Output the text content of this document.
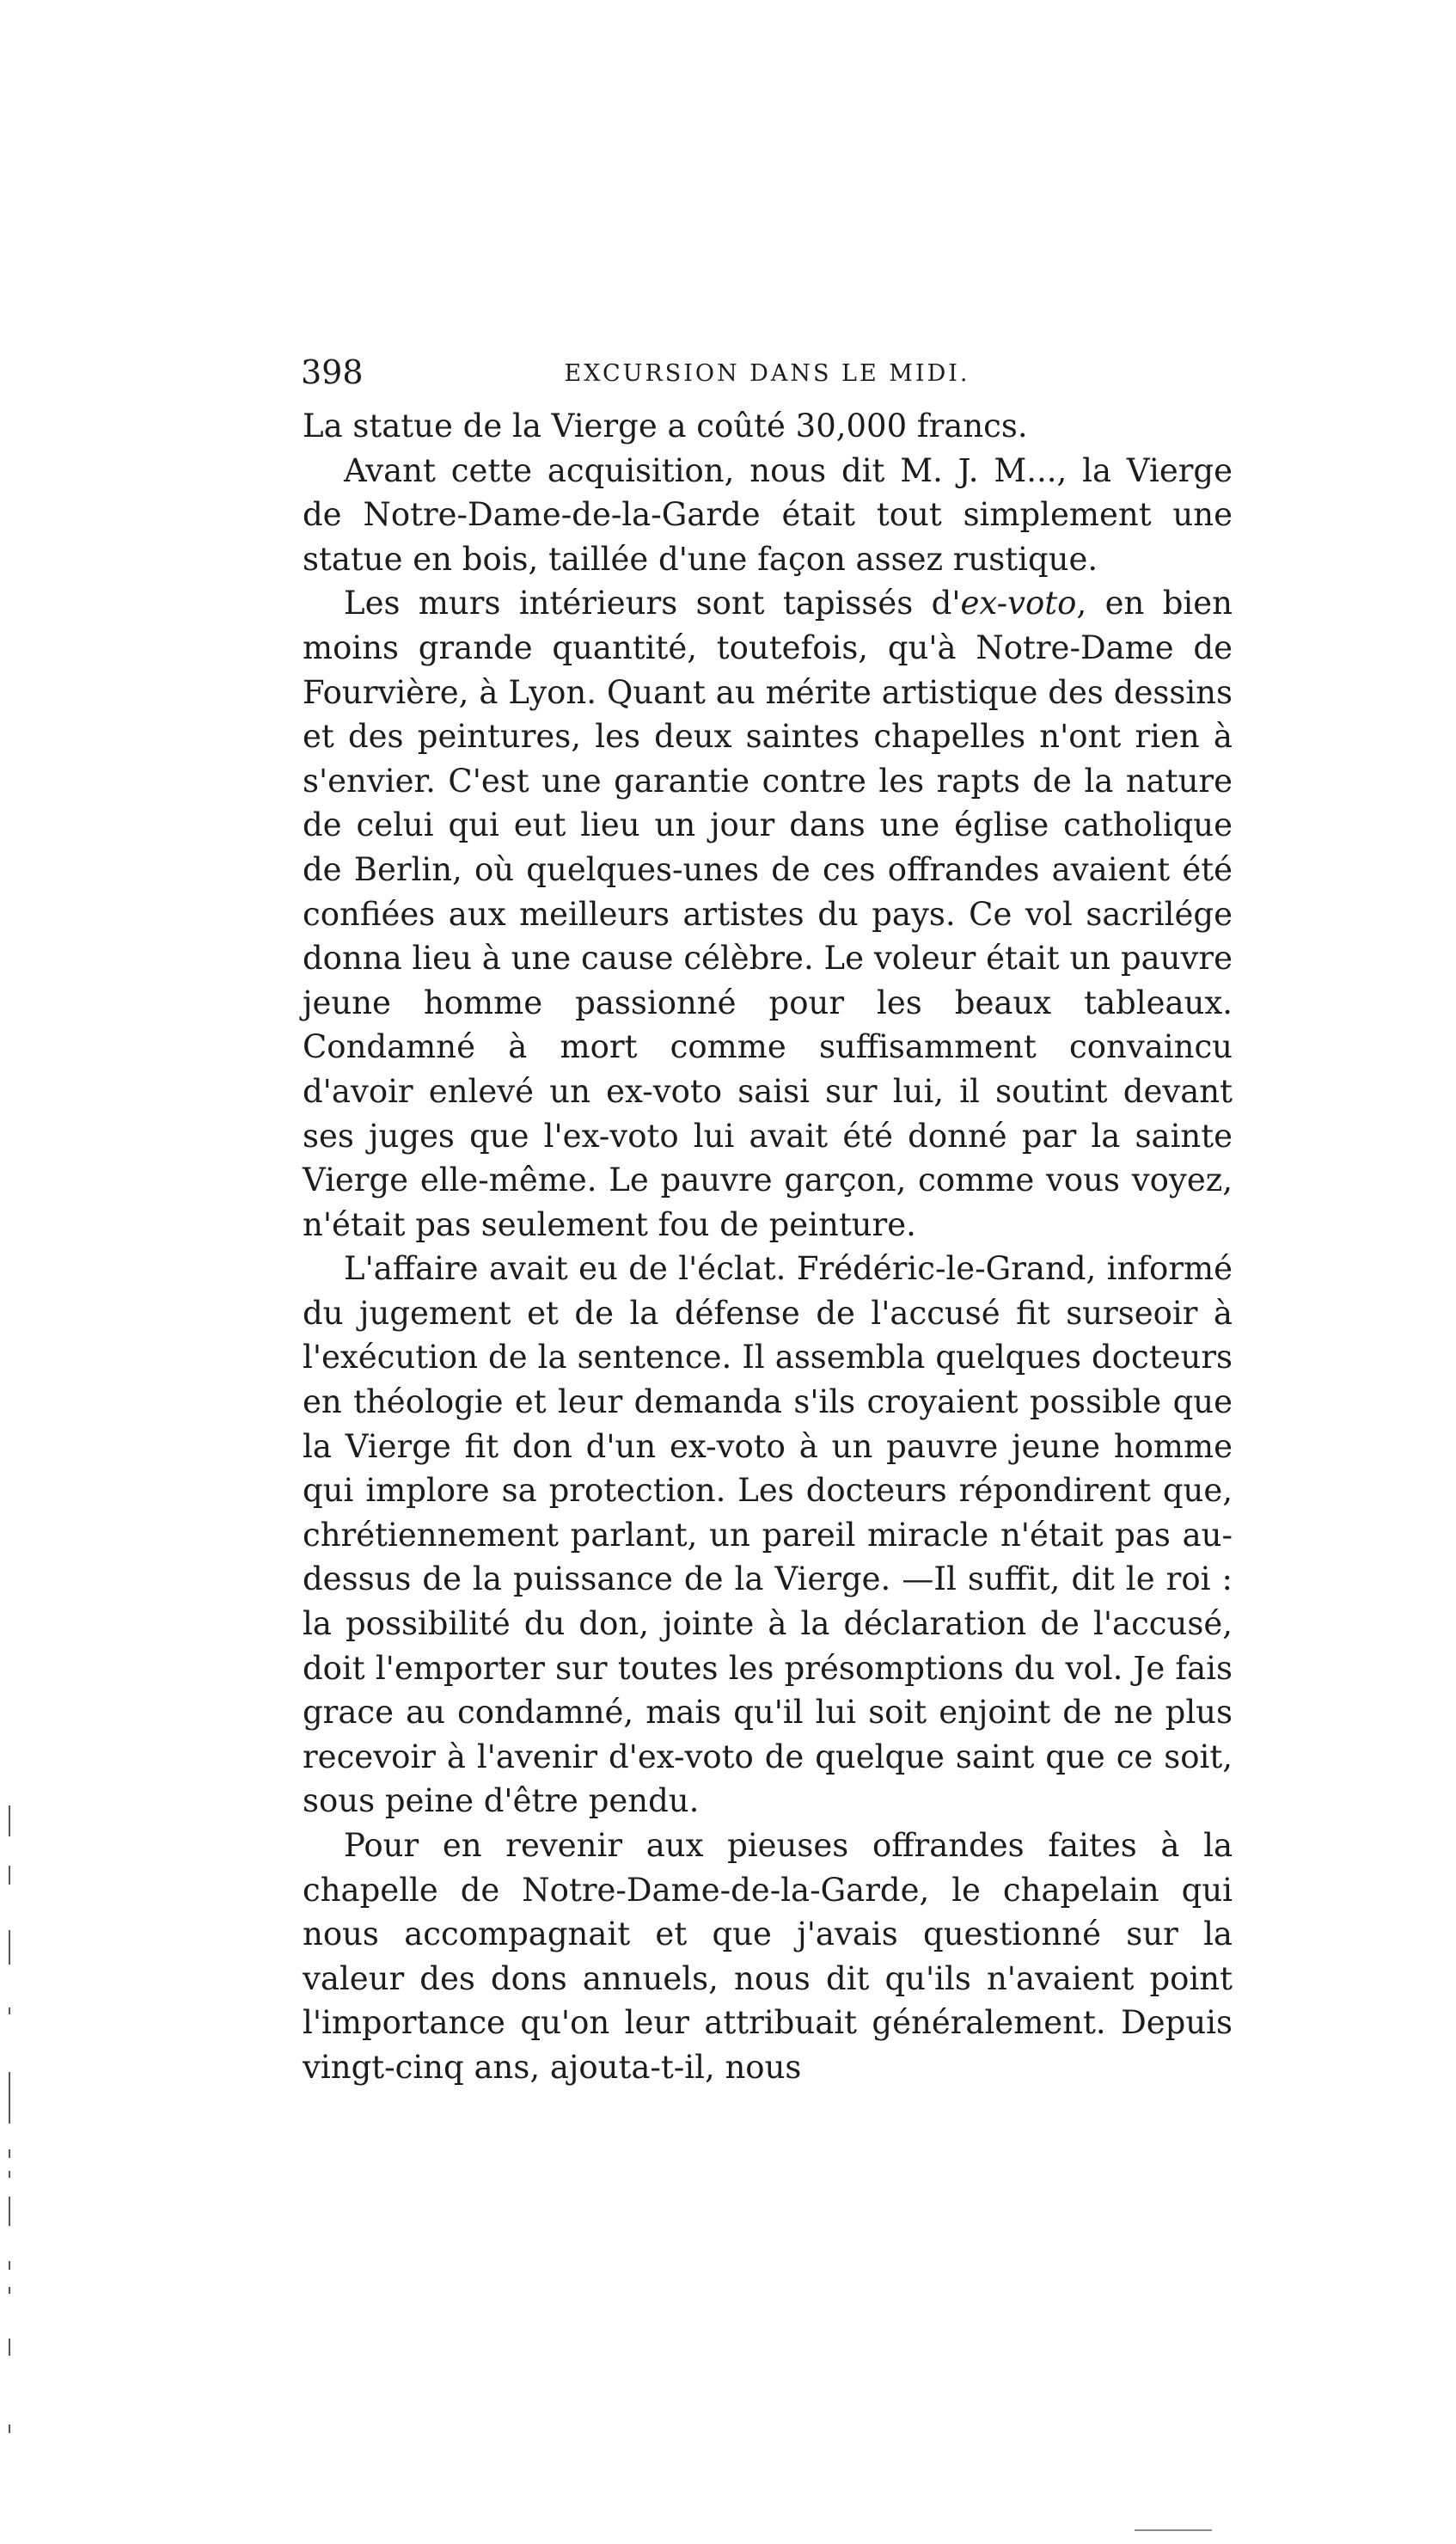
398	EXCURSION DANS LE MIDI.

La statue de la Vierge a coûté 30,000 francs.

Avant cette acquisition, nous dit M. J. M..., la Vierge de Notre-Dame-de-la-Garde était tout simplement une statue en bois, taillée d'une façon assez rustique.

Les murs intérieurs sont tapissés d'ex-voto, en bien moins grande quantité, toutefois, qu'à Notre-Dame de Fourvière, à Lyon. Quant au mérite artistique des dessins et des peintures, les deux saintes chapelles n'ont rien à s'envier. C'est une garantie contre les rapts de la nature de celui qui eut lieu un jour dans une église catholique de Berlin, où quelques-unes de ces offrandes avaient été confiées aux meilleurs artistes du pays. Ce vol sacrilége donna lieu à une cause célèbre. Le voleur était un pauvre jeune homme passionné pour les beaux tableaux. Condamné à mort comme suffisamment convaincu d'avoir enlevé un ex-voto saisi sur lui, il soutint devant ses juges que l'ex-voto lui avait été donné par la sainte Vierge elle-même. Le pauvre garçon, comme vous voyez, n'était pas seulement fou de peinture.

L'affaire avait eu de l'éclat. Frédéric-le-Grand, informé du jugement et de la défense de l'accusé fit surseoir à l'exécution de la sentence. Il assembla quelques docteurs en théologie et leur demanda s'ils croyaient possible que la Vierge fit don d'un ex-voto à un pauvre jeune homme qui implore sa protection. Les docteurs répondirent que, chrétiennement parlant, un pareil miracle n'était pas au-dessus de la puissance de la Vierge. —Il suffit, dit le roi : la possibilité du don, jointe à la déclaration de l'accusé, doit l'emporter sur toutes les présomptions du vol. Je fais grace au condamné, mais qu'il lui soit enjoint de ne plus recevoir à l'avenir d'ex-voto de quelque saint que ce soit, sous peine d'être pendu.

Pour en revenir aux pieuses offrandes faites à la chapelle de Notre-Dame-de-la-Garde, le chapelain qui nous accompagnait et que j'avais questionné sur la valeur des dons annuels, nous dit qu'ils n'avaient point l'importance qu'on leur attribuait généralement. Depuis vingt-cinq ans, ajouta-t-il, nous
